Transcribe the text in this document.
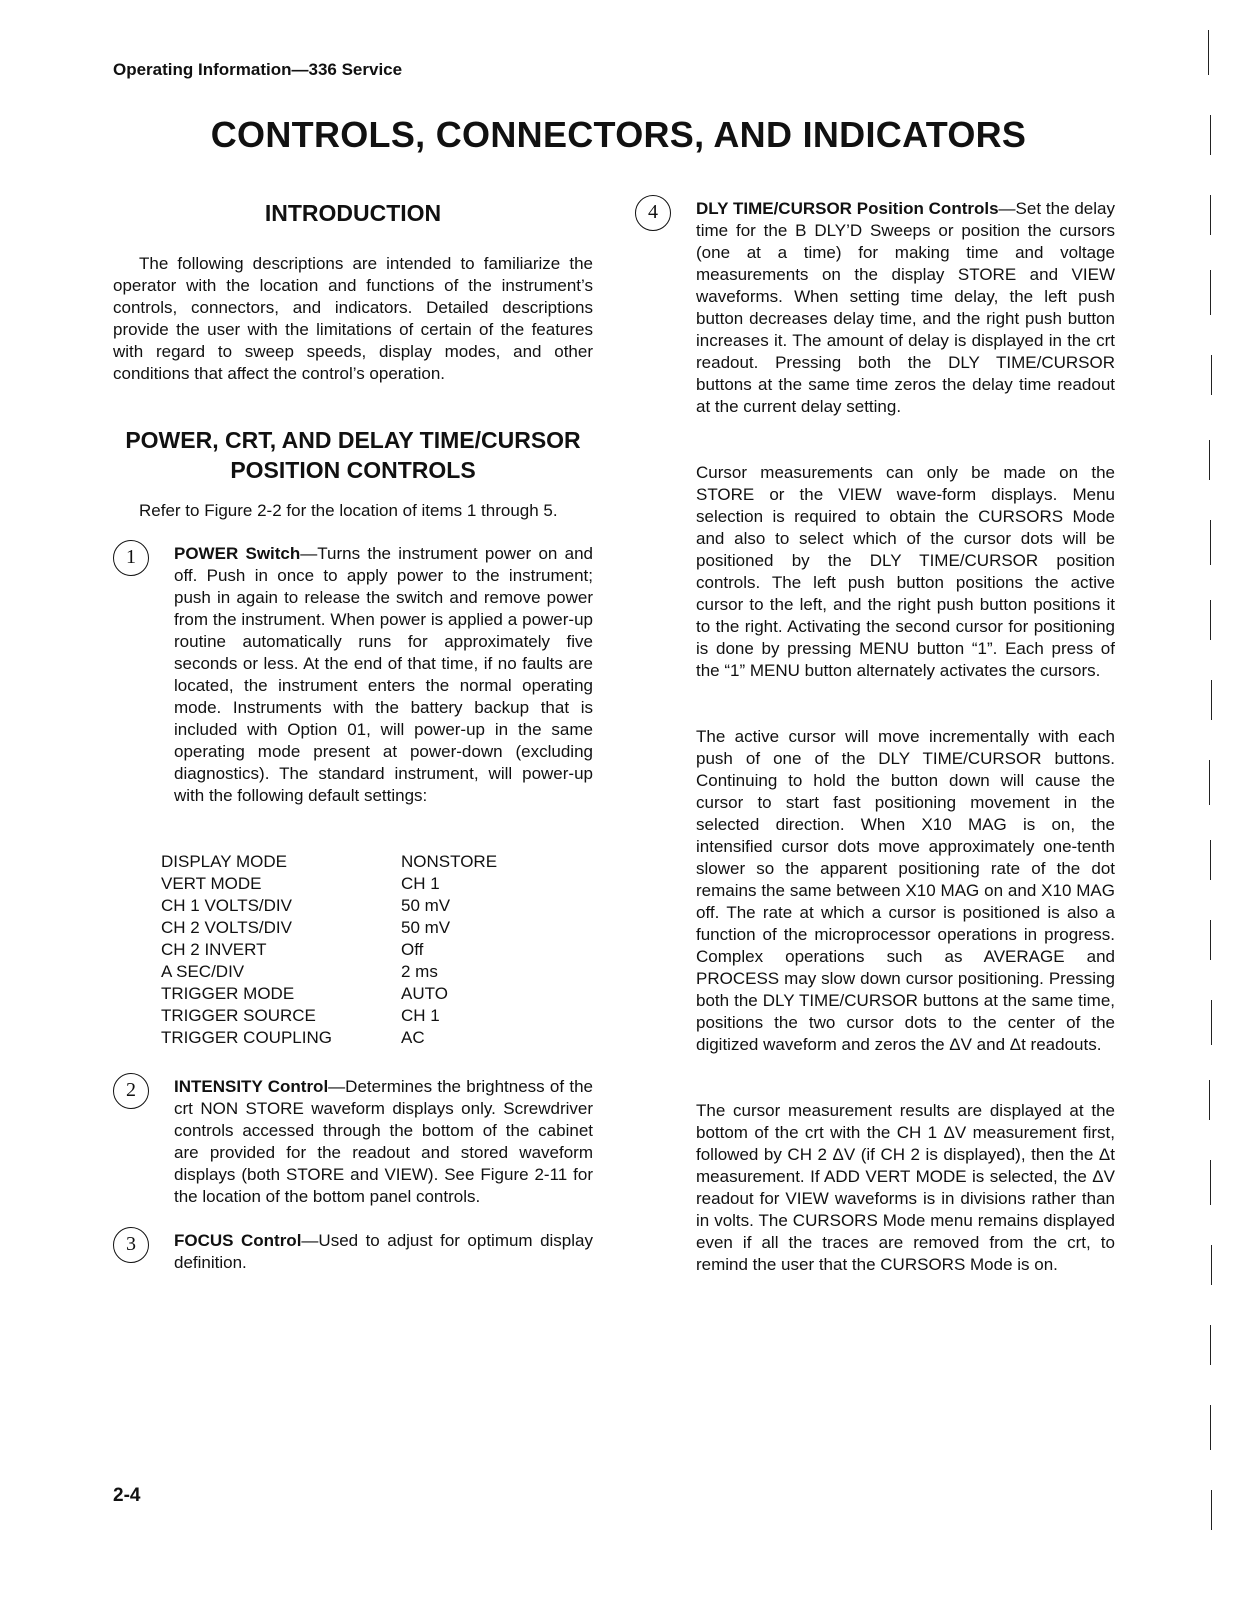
Operating Information—336 Service
CONTROLS, CONNECTORS, AND INDICATORS
INTRODUCTION

The following descriptions are intended to familiarize the operator with the location and functions of the instrument’s controls, connectors, and indicators. Detailed descriptions provide the user with the limitations of certain of the features with regard to sweep speeds, display modes, and other conditions that affect the control’s operation.

POWER, CRT, AND DELAY TIME/CURSOR
POSITION CONTROLS

Refer to Figure 2-2 for the location of items 1 through 5.

1	POWER Switch—Turns the instrument power on and off. Push in once to apply power to the instrument; push in again to release the switch and remove power from the instrument. When power is applied a power-up routine automatically runs for approximately five seconds or less. At the end of that time, if no faults are located, the instrument enters the normal operating mode. Instruments with the battery backup that is included with Option 01, will power-up in the same operating mode present at power-down (excluding diagnostics). The standard instrument, will power-up with the following default settings:

DISPLAY MODE	NONSTORE
VERT MODE	CH 1
CH 1 VOLTS/DIV	50 mV
CH 2 VOLTS/DIV	50 mV
CH 2 INVERT	Off
A SEC/DIV	2 ms
TRIGGER MODE	AUTO
TRIGGER SOURCE	CH 1
TRIGGER COUPLING	AC
2	INTENSITY Control—Determines the brightness of the crt NON STORE waveform displays only. Screwdriver controls accessed through the bottom of the cabinet are provided for the readout and stored waveform displays (both STORE and VIEW). See Figure 2-11 for the location of the bottom panel controls.

3	FOCUS Control—Used to adjust for optimum display definition.

4	DLY TIME/CURSOR Position Controls—Set the delay time for the B DLY’D Sweeps or position the cursors (one at a time) for making time and voltage measurements on the display STORE and VIEW waveforms. When setting time delay, the left push button decreases delay time, and the right push button increases it. The amount of delay is displayed in the crt readout. Pressing both the DLY TIME/CURSOR buttons at the same time zeros the delay time readout at the current delay setting.

Cursor measurements can only be made on the STORE or the VIEW wave-form displays. Menu selection is required to obtain the CURSORS Mode and also to select which of the cursor dots will be positioned by the DLY TIME/CURSOR position controls. The left push button positions the active cursor to the left, and the right push button positions it to the right. Activating the second cursor for positioning is done by pressing MENU button “1”. Each press of the “1” MENU button alternately activates the cursors.

The active cursor will move incrementally with each push of one of the DLY TIME/CURSOR buttons. Continuing to hold the button down will cause the cursor to start fast positioning movement in the selected direction. When X10 MAG is on, the intensified cursor dots move approximately one-tenth slower so the apparent positioning rate of the dot remains the same between X10 MAG on and X10 MAG off. The rate at which a cursor is positioned is also a function of the microprocessor operations in progress. Complex operations such as AVERAGE and PROCESS may slow down cursor positioning. Pressing both the DLY TIME/CURSOR buttons at the same time, positions the two cursor dots to the center of the digitized waveform and zeros the ΔV and Δt readouts.

The cursor measurement results are displayed at the bottom of the crt with the CH 1 ΔV measurement first, followed by CH 2 ΔV (if CH 2 is displayed), then the Δt measurement. If ADD VERT MODE is selected, the ΔV readout for VIEW waveforms is in divisions rather than in volts. The CURSORS Mode menu remains displayed even if all the traces are removed from the crt, to remind the user that the CURSORS Mode is on.

2-4
